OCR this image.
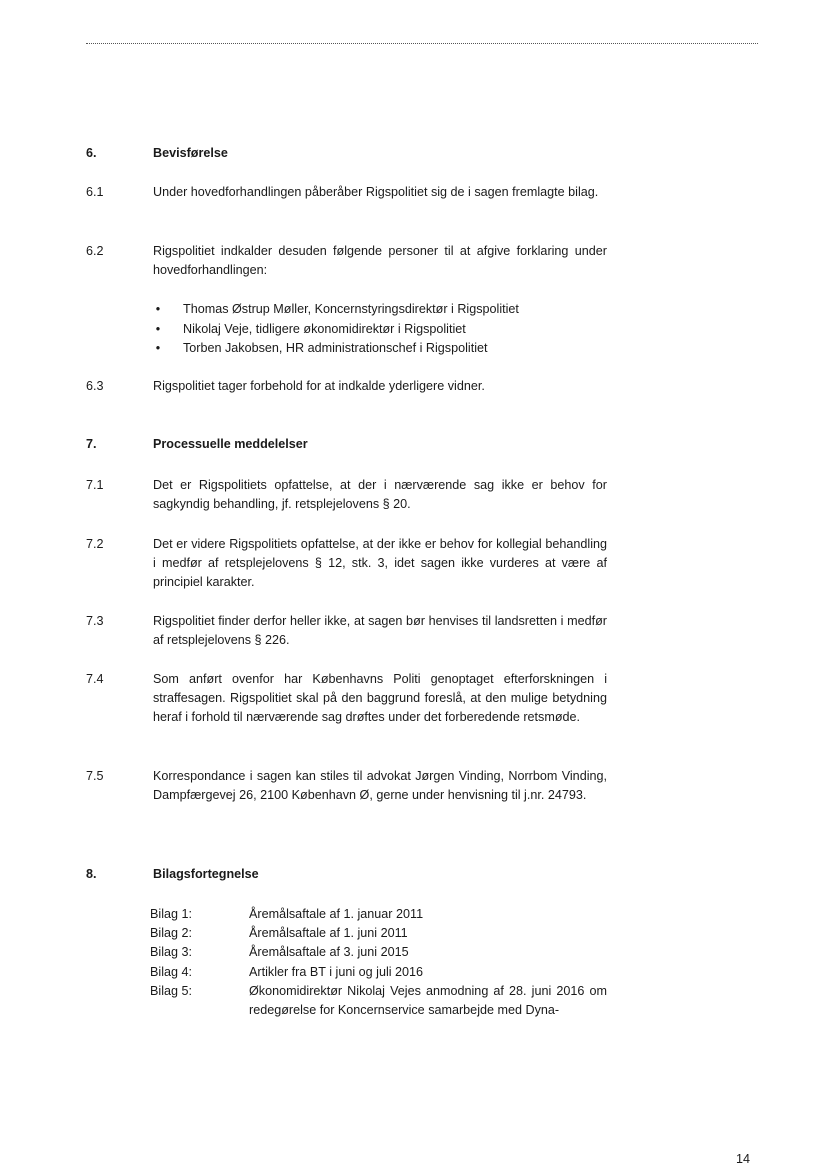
6.	Bevisførelse
6.1	Under hovedforhandlingen påberåber Rigspolitiet sig de i sagen fremlagte bilag.
6.2	Rigspolitiet indkalder desuden følgende personer til at afgive forklaring under hovedforhandlingen:
• Thomas Østrup Møller, Koncernstyringsdirektør i Rigspolitiet
• Nikolaj Veje, tidligere økonomidirektør i Rigspolitiet
• Torben Jakobsen, HR administrationschef i Rigspolitiet
6.3	Rigspolitiet tager forbehold for at indkalde yderligere vidner.
7.	Processuelle meddelelser
7.1	Det er Rigspolitiets opfattelse, at der i nærværende sag ikke er behov for sagkyndig behandling, jf. retsplejelovens § 20.
7.2	Det er videre Rigspolitiets opfattelse, at der ikke er behov for kollegial behandling i medfør af retsplejelovens § 12, stk. 3, idet sagen ikke vurderes at være af principiel karakter.
7.3	Rigspolitiet finder derfor heller ikke, at sagen bør henvises til landsretten i medfør af retsplejelovens § 226.
7.4	Som anført ovenfor har Københavns Politi genoptaget efterforskningen i straffesagen. Rigspolitiet skal på den baggrund foreslå, at den mulige betydning heraf i forhold til nærværende sag drøftes under det forberedende retsmøde.
7.5	Korrespondance i sagen kan stiles til advokat Jørgen Vinding, Norrbom Vinding, Dampfærgevej 26, 2100 København Ø, gerne under henvisning til j.nr. 24793.
8.	Bilagsfortegnelse
Bilag 1:	Åremålsaftale af 1. januar 2011
Bilag 2:	Åremålsaftale af 1. juni 2011
Bilag 3:	Åremålsaftale af 3. juni 2015
Bilag 4:	Artikler fra BT i juni og juli 2016
Bilag 5:	Økonomidirektør Nikolaj Vejes anmodning af 28. juni 2016 om redegørelse for Koncernservice samarbejde med Dyna-
14
